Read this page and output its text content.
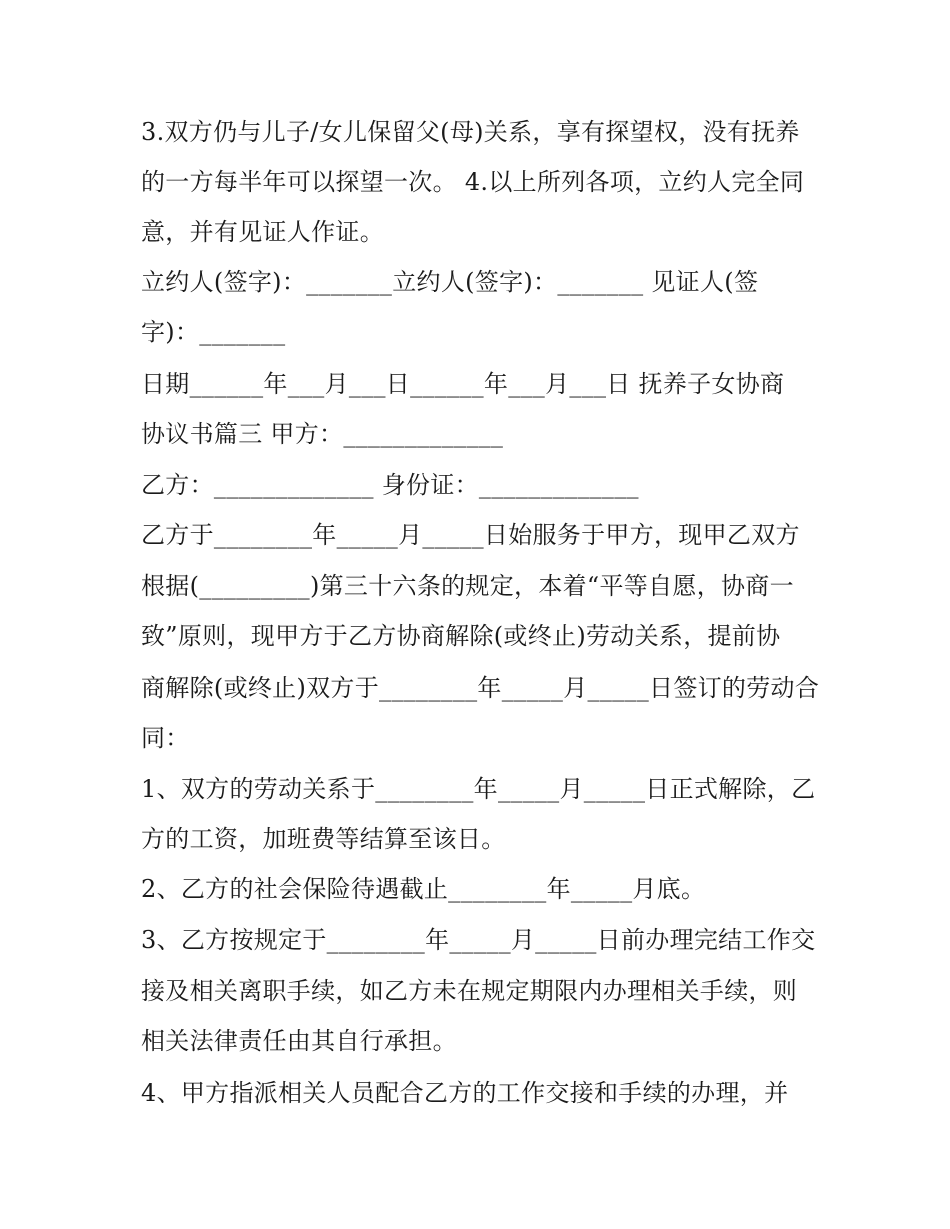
3.双方仍与儿子/女儿保留父(母)关系，享有探望权，没有抚养
的一方每半年可以探望一次。 4.以上所列各项，立约人完全同
意，并有见证人作证。
立约人(签字)：_______立约人(签字)：_______ 见证人(签
字)：_______
日期______年___月___日______年___月___日 抚养子女协商
协议书篇三 甲方：_____________
乙方：_____________ 身份证：_____________
乙方于________年_____月_____日始服务于甲方，现甲乙双方
根据(_________)第三十六条的规定，本着“平等自愿，协商一
致”原则，现甲方于乙方协商解除(或终止)劳动关系，提前协
商解除(或终止)双方于________年_____月_____日签订的劳动合
同：
1、双方的劳动关系于________年_____月_____日正式解除，乙
方的工资，加班费等结算至该日。
2、乙方的社会保险待遇截止________年_____月底。
3、乙方按规定于________年_____月_____日前办理完结工作交
接及相关离职手续，如乙方未在规定期限内办理相关手续，则
相关法律责任由其自行承担。
4、甲方指派相关人员配合乙方的工作交接和手续的办理，并
